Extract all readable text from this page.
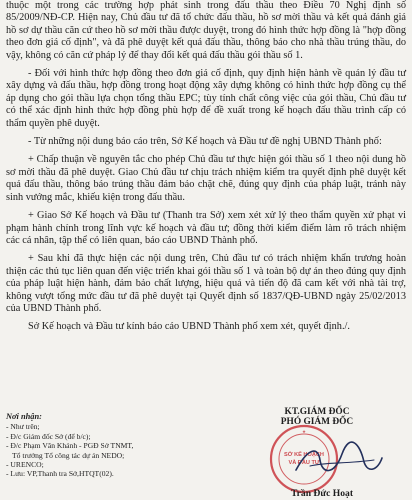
thuộc một trong các trường hợp phát sinh trong đấu thầu theo Điều 70 Nghị định số 85/2009/NĐ-CP. Hiện nay, Chủ đầu tư đã tổ chức đấu thầu, hồ sơ mời thầu và kết quả đánh giá hồ sơ dự thầu căn cứ theo hồ sơ mời thầu được duyệt, trong đó hình thức hợp đồng là "hợp đồng theo đơn giá cố định", và đã phê duyệt kết quả đấu thầu, thông báo cho nhà thầu trúng thầu, do vậy, không có căn cứ pháp lý để thay đổi kết quả đấu thầu gói thầu số 1.

- Đối với hình thức hợp đồng theo đơn giá cố định, quy định hiện hành về quản lý đầu tư xây dựng và đấu thầu, hợp đồng trong hoạt động xây dựng không có hình thức hợp đồng cụ thể áp dụng cho gói thầu lựa chọn tổng thầu EPC; tùy tính chất công việc của gói thầu, Chủ đầu tư có thể xác định hình thức hợp đồng phù hợp để đề xuất trong kế hoạch đấu thầu trình cấp có thẩm quyền phê duyệt.

- Từ những nội dung báo cáo trên, Sở Kế hoạch và Đầu tư đề nghị UBND Thành phố:

+ Chấp thuận về nguyên tắc cho phép Chủ đầu tư thực hiện gói thầu số 1 theo nội dung hồ sơ mời thầu đã phê duyệt. Giao Chủ đầu tư chịu trách nhiệm kiểm tra quyết định phê duyệt kết quả đấu thầu, thông báo trúng thầu đảm bảo chặt chẽ, đúng quy định của pháp luật, tránh này sinh vướng mắc, khiếu kiện trong đấu thầu.

+ Giao Sở Kế hoạch và Đầu tư (Thanh tra Sở) xem xét xử lý theo thẩm quyền xử phạt vi phạm hành chính trong lĩnh vực kế hoạch và đầu tư; đồng thời kiểm điểm làm rõ trách nhiệm các cá nhân, tập thể có liên quan, báo cáo UBND Thành phố.

+ Sau khi đã thực hiện các nội dung trên, Chủ đầu tư có trách nhiệm khẩn trương hoàn thiện các thủ tục liên quan đến việc triển khai gói thầu số 1 và toàn bộ dự án theo đúng quy định của pháp luật hiện hành, đảm bảo chất lượng, hiệu quả và tiến độ đã cam kết với nhà tài trợ, không vượt tổng mức đầu tư đã phê duyệt tại Quyết định số 1837/QĐ-UBND ngày 25/02/2013 của UBND Thành phố.

Sở Kế hoạch và Đầu tư kính báo cáo UBND Thành phố xem xét, quyết định./.

Nơi nhận:
- Như trên;
- Đ/c Giám đốc Sở (để b/c);
- Đ/c Phạm Văn Khánh - PGĐ Sở TNMT,
Tổ trưởng Tổ công tác dự án NEDO;
- URENCO;
- Lưu: VP,Thanh tra Sở,HTQT(02).
KT.GIÁM ĐỐC
PHÓ GIÁM ĐỐC
SỞ KẾ HOẠCH
VÀ ĐẦU TƯ
★
Trần Đức Hoạt
